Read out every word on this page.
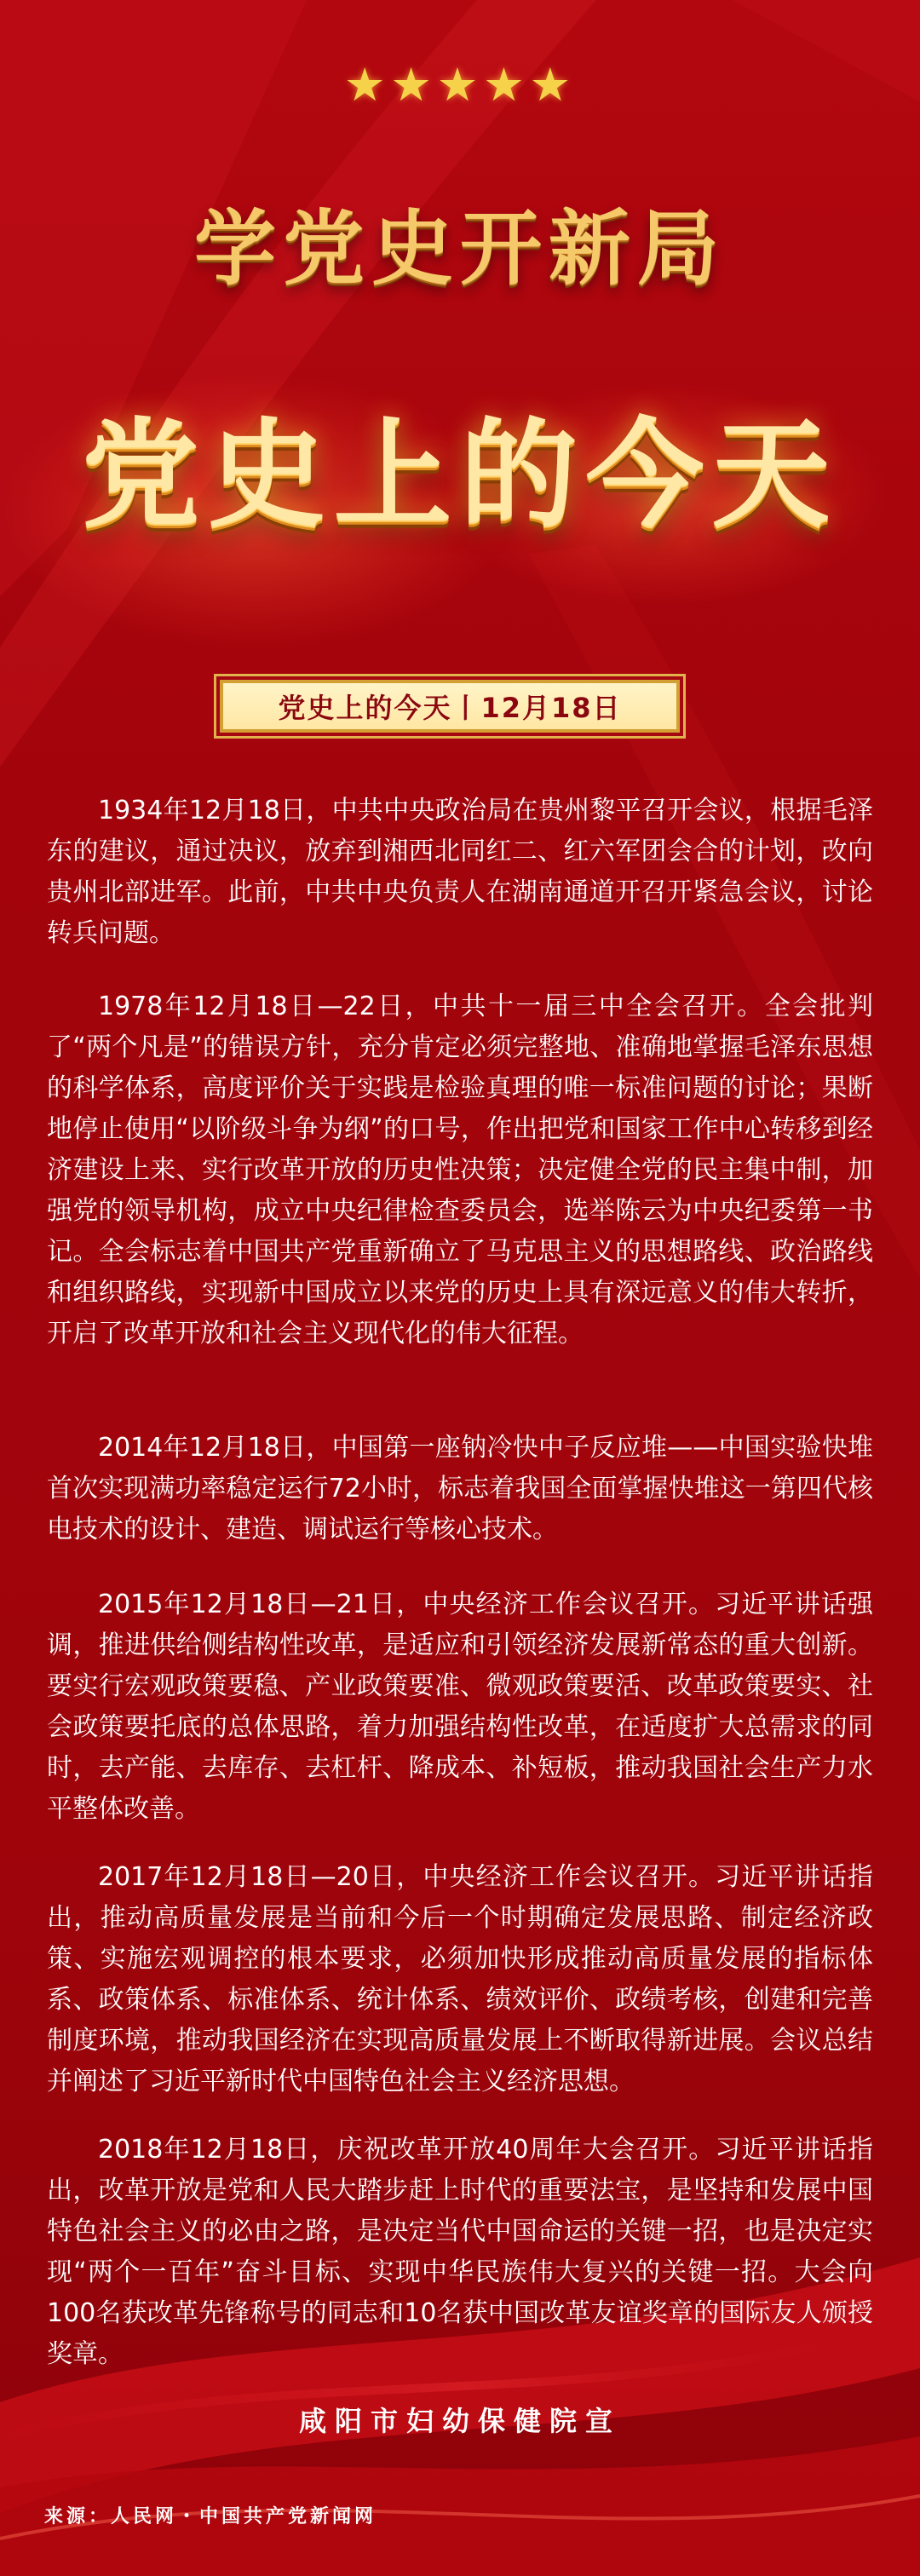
★★★★★
学党史开新局
党史上的今天
党史上的今天丨12月18日

1934年12月18日，中共中央政治局在贵州黎平召开会议，根据毛泽东的建议，通过决议，放弃到湘西北同红二、红六军团会合的计划，改向贵州北部进军。此前，中共中央负责人在湖南通道开召开紧急会议，讨论转兵问题。

1978年12月18日—22日，中共十一届三中全会召开。全会批判了“两个凡是”的错误方针，充分肯定必须完整地、准确地掌握毛泽东思想的科学体系，高度评价关于实践是检验真理的唯一标准问题的讨论；果断地停止使用“以阶级斗争为纲”的口号，作出把党和国家工作中心转移到经济建设上来、实行改革开放的历史性决策；决定健全党的民主集中制，加强党的领导机构，成立中央纪律检查委员会，选举陈云为中央纪委第一书记。全会标志着中国共产党重新确立了马克思主义的思想路线、政治路线和组织路线，实现新中国成立以来党的历史上具有深远意义的伟大转折，开启了改革开放和社会主义现代化的伟大征程。

2014年12月18日，中国第一座钠冷快中子反应堆——中国实验快堆首次实现满功率稳定运行72小时，标志着我国全面掌握快堆这一第四代核电技术的设计、建造、调试运行等核心技术。

2015年12月18日—21日，中央经济工作会议召开。习近平讲话强调，推进供给侧结构性改革，是适应和引领经济发展新常态的重大创新。要实行宏观政策要稳、产业政策要准、微观政策要活、改革政策要实、社会政策要托底的总体思路，着力加强结构性改革，在适度扩大总需求的同时，去产能、去库存、去杠杆、降成本、补短板，推动我国社会生产力水平整体改善。

2017年12月18日—20日，中央经济工作会议召开。习近平讲话指出，推动高质量发展是当前和今后一个时期确定发展思路、制定经济政策、实施宏观调控的根本要求，必须加快形成推动高质量发展的指标体系、政策体系、标准体系、统计体系、绩效评价、政绩考核，创建和完善制度环境，推动我国经济在实现高质量发展上不断取得新进展。会议总结并阐述了习近平新时代中国特色社会主义经济思想。

2018年12月18日，庆祝改革开放40周年大会召开。习近平讲话指出，改革开放是党和人民大踏步赶上时代的重要法宝，是坚持和发展中国特色社会主义的必由之路，是决定当代中国命运的关键一招，也是决定实现“两个一百年”奋斗目标、实现中华民族伟大复兴的关键一招。大会向100名获改革先锋称号的同志和10名获中国改革友谊奖章的国际友人颁授奖章。

咸阳市妇幼保健院宣
来源：人民网・中国共产党新闻网
